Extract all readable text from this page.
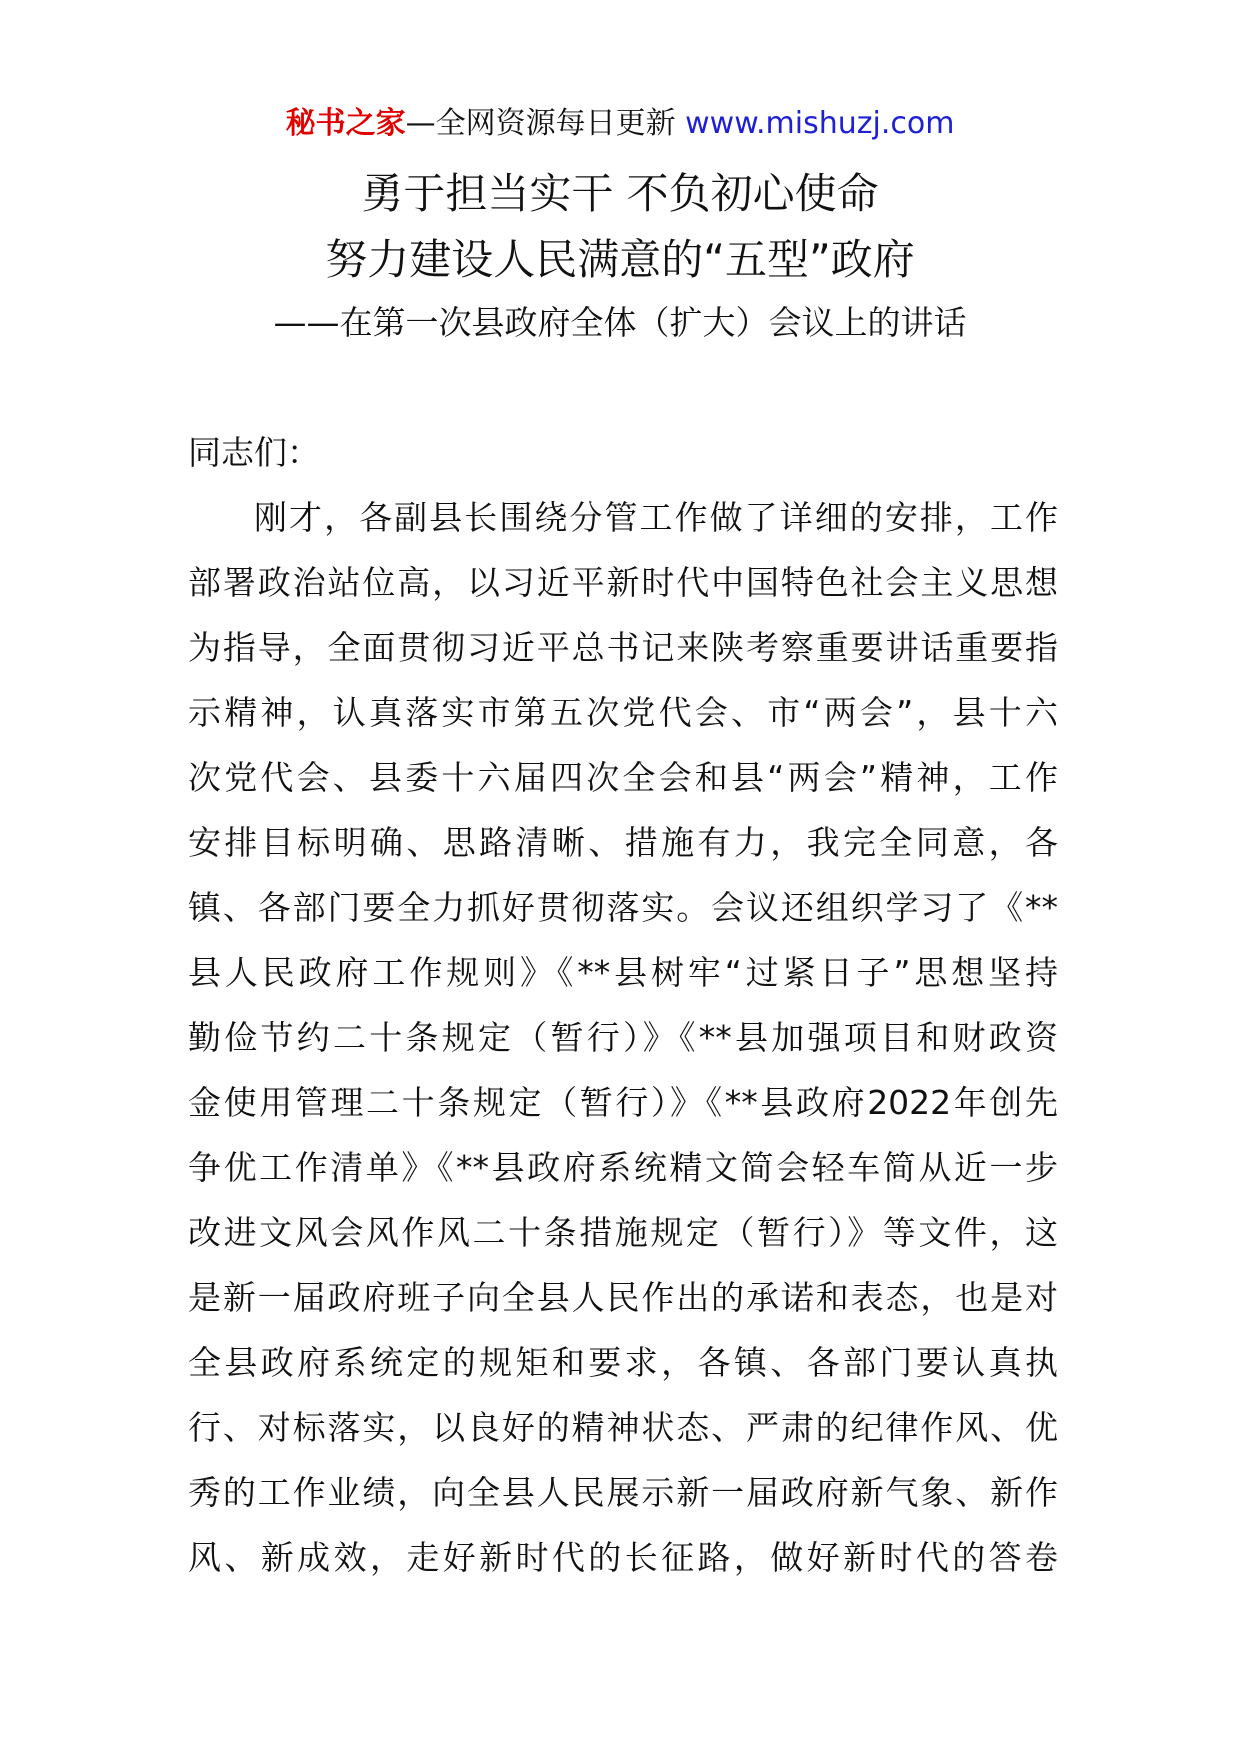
秘书之家—全网资源每日更新 www.mishuzj.com
勇于担当实干 不负初心使命
努力建设人民满意的“五型”政府
——在第一次县政府全体（扩大）会议上的讲话
同志们：
刚才，各副县长围绕分管工作做了详细的安排，工作
部署政治站位高，以习近平新时代中国特色社会主义思想
为指导，全面贯彻习近平总书记来陕考察重要讲话重要指
示精神，认真落实市第五次党代会、市“两会”，县十六
次党代会、县委十六届四次全会和县“两会”精神，工作
安排目标明确、思路清晰、措施有力，我完全同意，各
镇、各部门要全力抓好贯彻落实。会议还组织学习了《**
县人民政府工作规则》《**县树牢“过紧日子”思想坚持
勤俭节约二十条规定（暂行）》《**县加强项目和财政资
金使用管理二十条规定（暂行）》《**县政府2022年创先
争优工作清单》《**县政府系统精文简会轻车简从近一步
改进文风会风作风二十条措施规定（暂行）》等文件，这
是新一届政府班子向全县人民作出的承诺和表态，也是对
全县政府系统定的规矩和要求，各镇、各部门要认真执
行、对标落实，以良好的精神状态、严肃的纪律作风、优
秀的工作业绩，向全县人民展示新一届政府新气象、新作
风、新成效，走好新时代的长征路，做好新时代的答卷
